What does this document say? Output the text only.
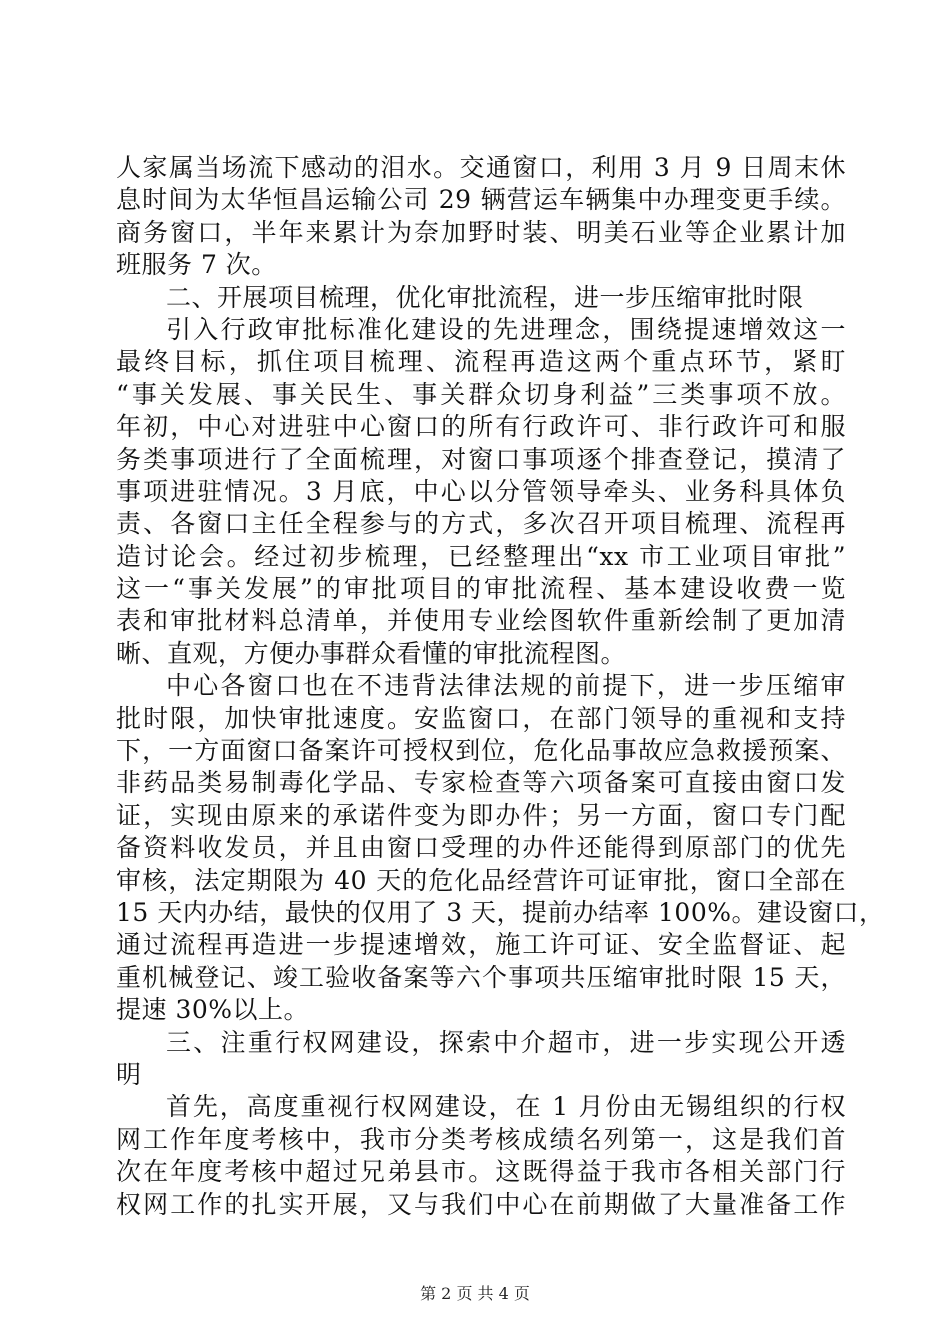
人家属当场流下感动的泪水。交通窗口，利用 3 月 9 日周末休
息时间为太华恒昌运输公司 29 辆营运车辆集中办理变更手续。
商务窗口，半年来累计为奈加野时装、明美石业等企业累计加
班服务 7 次。
二、开展项目梳理，优化审批流程，进一步压缩审批时限
引入行政审批标准化建设的先进理念，围绕提速增效这一
最终目标，抓住项目梳理、流程再造这两个重点环节，紧盯
“事关发展、事关民生、事关群众切身利益”三类事项不放。
年初，中心对进驻中心窗口的所有行政许可、非行政许可和服
务类事项进行了全面梳理，对窗口事项逐个排查登记，摸清了
事项进驻情况。3 月底，中心以分管领导牵头、业务科具体负
责、各窗口主任全程参与的方式，多次召开项目梳理、流程再
造讨论会。经过初步梳理，已经整理出“xx 市工业项目审批”
这一“事关发展”的审批项目的审批流程、基本建设收费一览
表和审批材料总清单，并使用专业绘图软件重新绘制了更加清
晰、直观，方便办事群众看懂的审批流程图。
中心各窗口也在不违背法律法规的前提下，进一步压缩审
批时限，加快审批速度。安监窗口，在部门领导的重视和支持
下，一方面窗口备案许可授权到位，危化品事故应急救援预案、
非药品类易制毒化学品、专家检查等六项备案可直接由窗口发
证，实现由原来的承诺件变为即办件；另一方面，窗口专门配
备资料收发员，并且由窗口受理的办件还能得到原部门的优先
审核，法定期限为 40 天的危化品经营许可证审批，窗口全部在
15 天内办结，最快的仅用了 3 天，提前办结率 100%。建设窗口，
通过流程再造进一步提速增效，施工许可证、安全监督证、起
重机械登记、竣工验收备案等六个事项共压缩审批时限 15 天，
提速 30%以上。
三、注重行权网建设，探索中介超市，进一步实现公开透
明
首先，高度重视行权网建设，在 1 月份由无锡组织的行权
网工作年度考核中，我市分类考核成绩名列第一，这是我们首
次在年度考核中超过兄弟县市。这既得益于我市各相关部门行
权网工作的扎实开展，又与我们中心在前期做了大量准备工作
第 2 页 共 4 页
